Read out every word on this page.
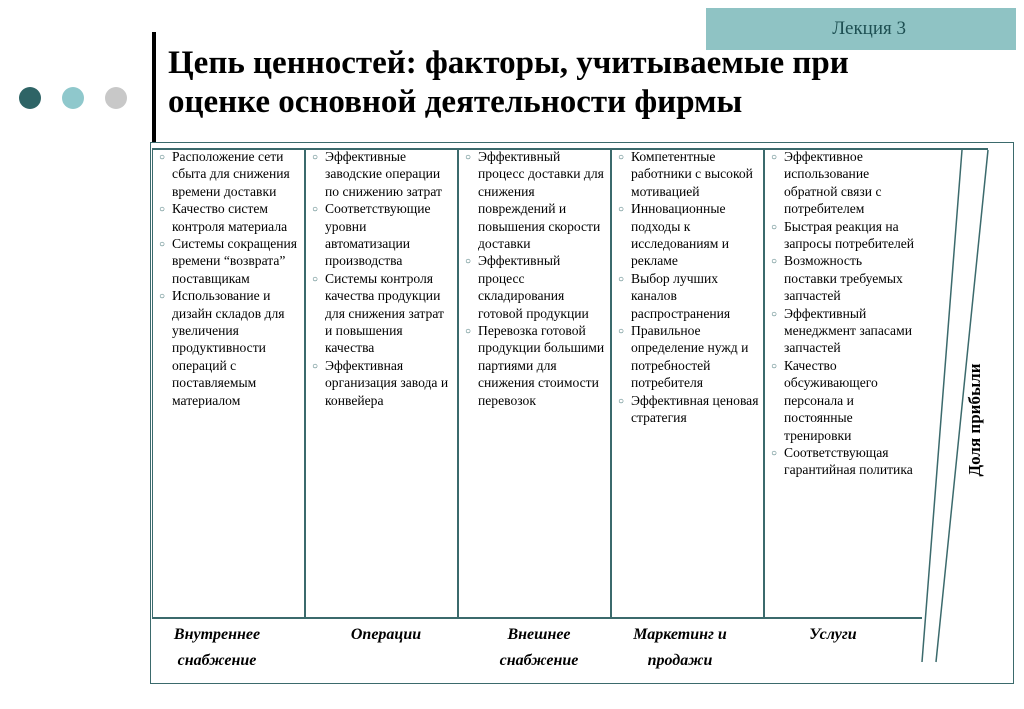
Лекция 3
Цепь ценностей: факторы, учитываемые при
оценке основной деятельности фирмы
○ Расположение сети сбыта для снижения времени доставки
○ Качество систем контроля материала
○ Системы сокращения времени “возврата” поставщикам
○ Использование и дизайн складов для увеличения продуктивности операций с поставляемым материалом
○ Эффективные заводские операции по снижению затрат
○ Соответствующие уровни автоматизации производства
○ Системы контроля качества продукции для снижения затрат и повышения качества
○ Эффективная организация завода и конвейера
○ Эффективный процесс доставки для снижения повреждений и повышения скорости доставки
○ Эффективный процесс складирования готовой продукции
○ Перевозка готовой продукции большими партиями для снижения стоимости перевозок
○ Компетентные работники с высокой мотивацией
○ Инновационные подходы к исследованиям и рекламе
○ Выбор лучших каналов распространения
○ Правильное определение нужд и потребностей потребителя
○ Эффективная ценовая стратегия
○ Эффективное использование обратной связи с потребителем
○ Быстрая реакция на запросы потребителей
○ Возможность поставки требуемых запчастей
○ Эффективный менеджмент запасами запчастей
○ Качество обсуживающего персонала и постоянные тренировки
○ Соответствующая гарантийная политика
Внутреннее
снабжение
Операции	Внешнее
снабжение
Маркетинг и
продажи
Услуги
Доля прибыли
